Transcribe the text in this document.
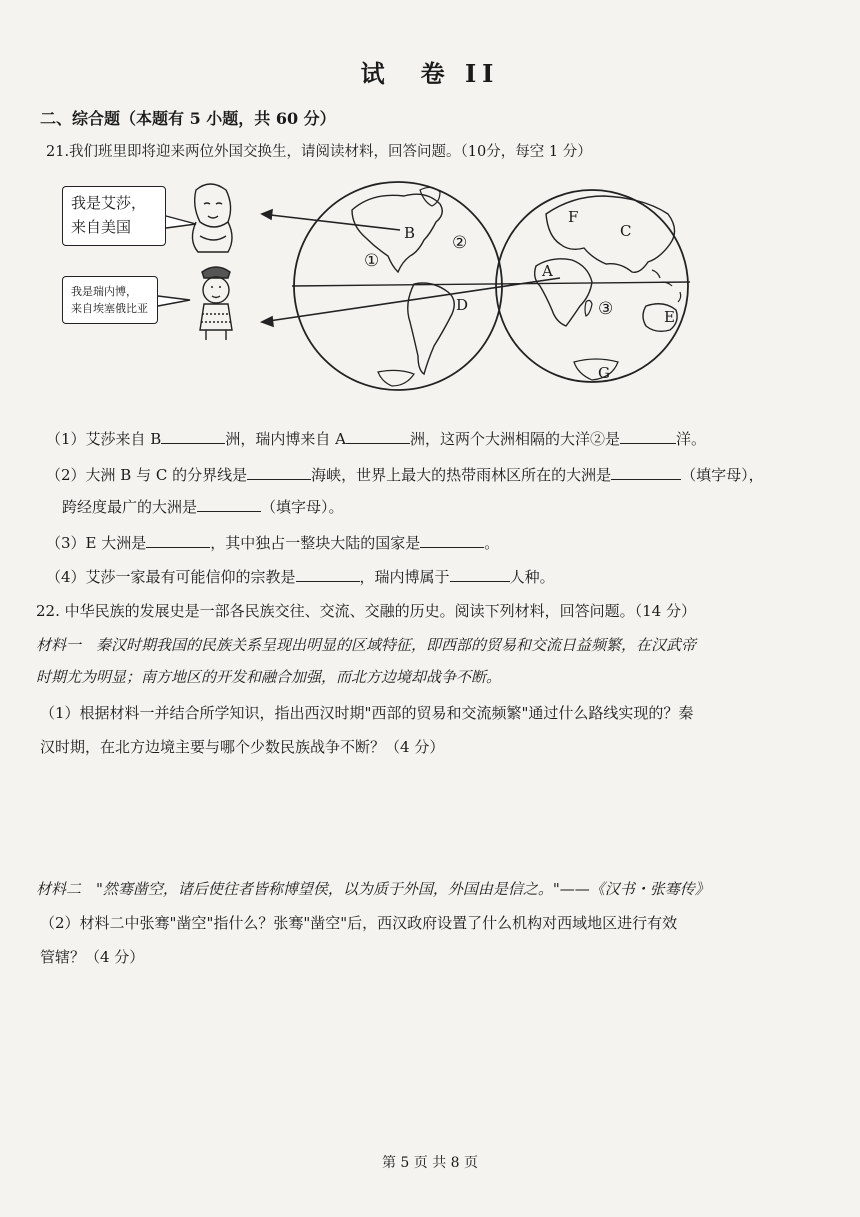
试　卷 II
二、综合题（本题有 5 小题，共 60 分）
21.我们班里即将迎来两位外国交换生，请阅读材料，回答问题。（10分，每空 1 分）
B
F
C
A
D
E
G
①
②
③
我是艾莎，
来自美国
我是瑞内博，
来自埃塞俄比亚
（1）艾莎来自 B	洲，瑞内博来自 A	洲，这两个大洲相隔的大洋②是	洋。
（2）大洲 B 与 C 的分界线是	海峡，世界上最大的热带雨林区所在的大洲是	（填字母），
跨经度最广的大洲是	（填字母）。
（3）E 大洲是	，其中独占一整块大陆的国家是	。
（4）艾莎一家最有可能信仰的宗教是	，瑞内博属于	人种。
22. 中华民族的发展史是一部各民族交往、交流、交融的历史。阅读下列材料，回答问题。（14 分）
材料一　秦汉时期我国的民族关系呈现出明显的区域特征，即西部的贸易和交流日益频繁，在汉武帝
时期尤为明显；南方地区的开发和融合加强，而北方边境却战争不断。
（1）根据材料一并结合所学知识，指出西汉时期"西部的贸易和交流频繁"通过什么路线实现的？秦
汉时期，在北方边境主要与哪个少数民族战争不断？（4 分）
材料二　"然骞凿空，诸后使往者皆称博望侯，以为质于外国，外国由是信之。"——《汉书・张骞传》
（2）材料二中张骞"凿空"指什么？张骞"凿空"后，西汉政府设置了什么机构对西域地区进行有效
管辖？（4 分）
第 5 页 共 8 页
